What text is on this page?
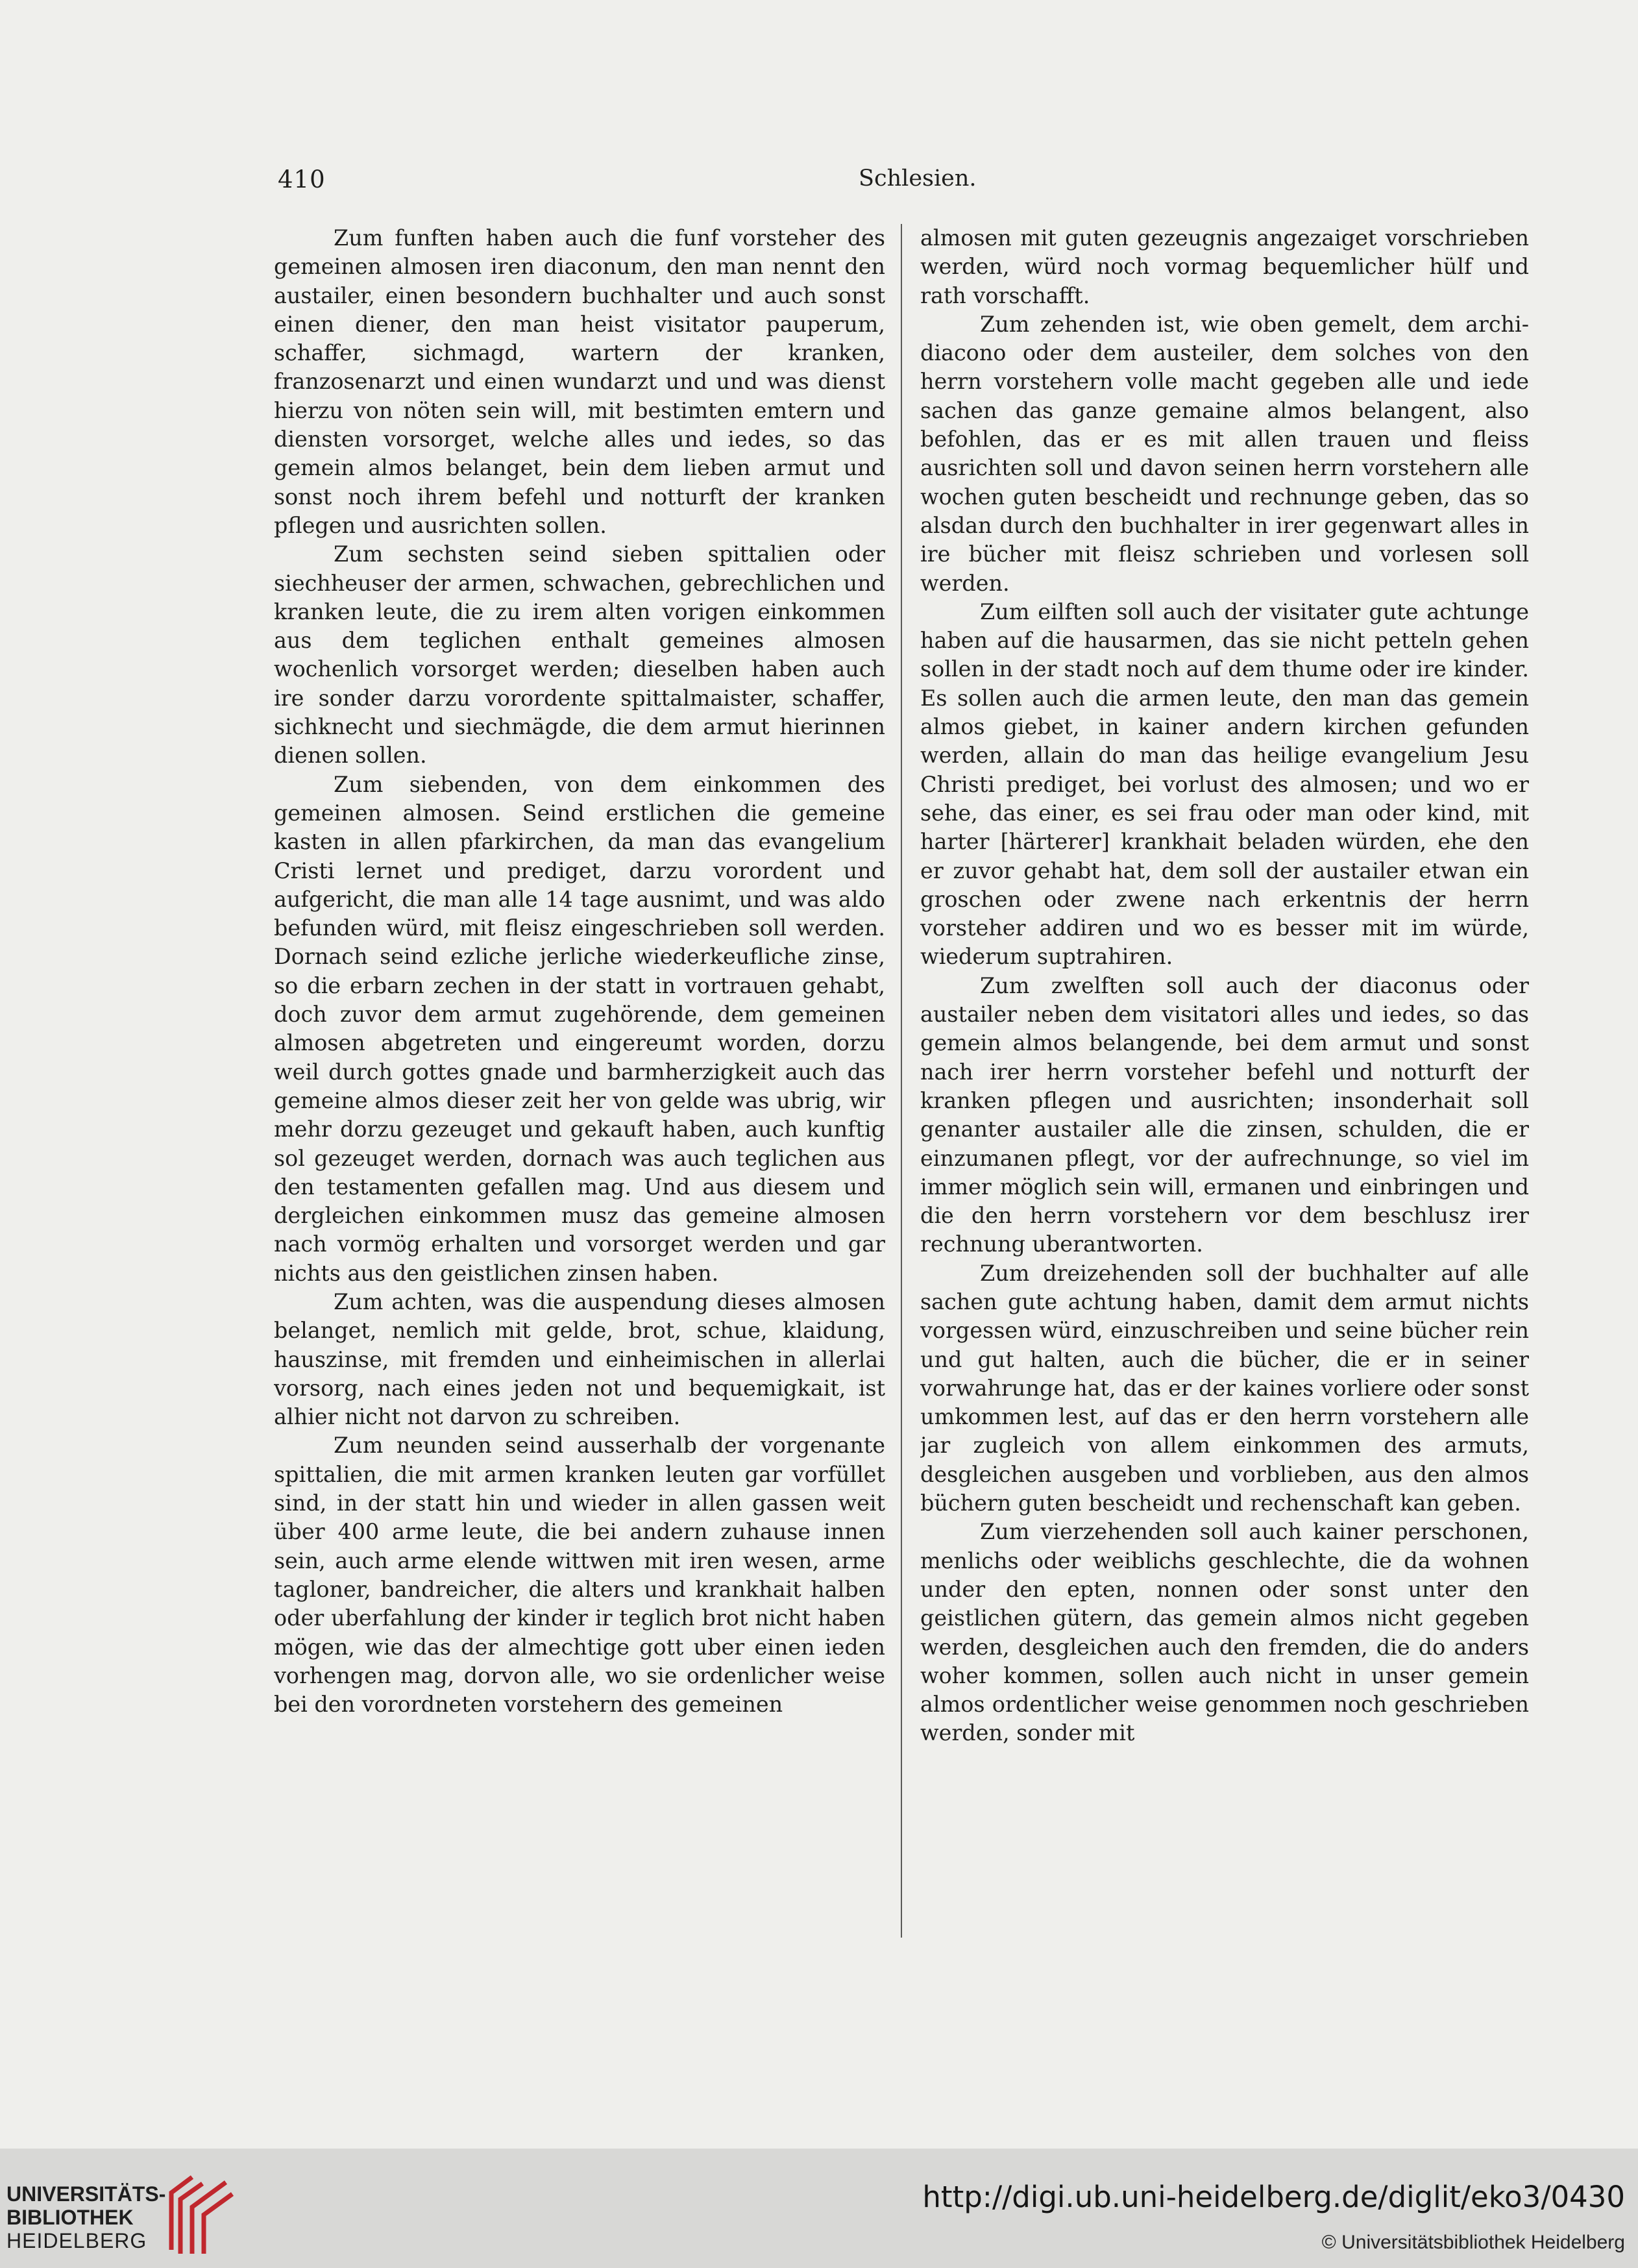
410	Schlesien.

Zum funften haben auch die funf vorsteher des gemeinen almosen iren diaconum, den man nennt den austailer, einen besondern buchhalter und auch sonst einen diener, den man heist visitator pauperum, schaffer, sichmagd, wartern der kranken, franzosenarzt und einen wundarzt und und was dienst hierzu von nöten sein will, mit bestimten emtern und diensten vorsorget, welche alles und iedes, so das gemein almos belanget, bein dem lieben armut und sonst noch ihrem befehl und notturft der kranken pflegen und ausrichten sollen.

Zum sechsten seind sieben spittalien oder siechheuser der armen, schwachen, gebrechlichen und kranken leute, die zu irem alten vorigen einkommen aus dem teglichen enthalt gemeines almosen wochenlich vorsorget werden; dieselben haben auch ire sonder darzu vorordente spittalmaister, schaffer, sichknecht und siechmägde, die dem armut hierinnen dienen sollen.

Zum siebenden, von dem einkommen des gemeinen almosen. Seind erstlichen die gemeine kasten in allen pfarkirchen, da man das evangelium Cristi lernet und prediget, darzu vorordent und aufgericht, die man alle 14 tage ausnimt, und was aldo befunden würd, mit fleisz eingeschrieben soll werden. Dornach seind ezliche jerliche wiederkeufliche zinse, so die erbarn zechen in der statt in vortrauen gehabt, doch zuvor dem armut zugehörende, dem gemeinen almosen abgetreten und eingereumt worden, dorzu weil durch gottes gnade und barmherzigkeit auch das gemeine almos dieser zeit her von gelde was ubrig, wir mehr dorzu gezeuget und gekauft haben, auch kunftig sol gezeuget werden, dornach was auch teglichen aus den testamenten gefallen mag. Und aus diesem und dergleichen einkommen musz das gemeine almosen nach vormög erhalten und vorsorget werden und gar nichts aus den geistlichen zinsen haben.

Zum achten, was die auspendung dieses almosen belanget, nemlich mit gelde, brot, schue, klaidung, hauszinse, mit fremden und einheimischen in allerlai vorsorg, nach eines jeden not und bequemigkait, ist alhier nicht not darvon zu schreiben.

Zum neunden seind ausserhalb der vorgenante spittalien, die mit armen kranken leuten gar vorfüllet sind, in der statt hin und wieder in allen gassen weit über 400 arme leute, die bei andern zuhause innen sein, auch arme elende wittwen mit iren wesen, arme tagloner, bandreicher, die alters und krankhait halben oder uberfahlung der kinder ir teglich brot nicht haben mögen, wie das der almechtige gott uber einen ieden vorhengen mag, dorvon alle, wo sie ordenlicher weise bei den vorordneten vorstehern des gemeinen

almosen mit guten gezeugnis angezaiget vorschrieben werden, würd noch vormag bequemlicher hülf und rath vorschafft.

Zum zehenden ist, wie oben gemelt, dem archidiacono oder dem austeiler, dem solches von den herrn vorstehern volle macht gegeben alle und iede sachen das ganze gemaine almos belangent, also befohlen, das er es mit allen trauen und fleiss ausrichten soll und davon seinen herrn vorstehern alle wochen guten bescheidt und rechnunge geben, das so alsdan durch den buchhalter in irer gegenwart alles in ire bücher mit fleisz schrieben und vorlesen soll werden.

Zum eilften soll auch der visitater gute achtunge haben auf die hausarmen, das sie nicht petteln gehen sollen in der stadt noch auf dem thume oder ire kinder. Es sollen auch die armen leute, den man das gemein almos giebet, in kainer andern kirchen gefunden werden, allain do man das heilige evangelium Jesu Christi prediget, bei vorlust des almosen; und wo er sehe, das einer, es sei frau oder man oder kind, mit harter [härterer] krankhait beladen würden, ehe den er zuvor gehabt hat, dem soll der austailer etwan ein groschen oder zwene nach erkentnis der herrn vorsteher addiren und wo es besser mit im würde, wiederum suptrahiren.

Zum zwelften soll auch der diaconus oder austailer neben dem visitatori alles und iedes, so das gemein almos belangende, bei dem armut und sonst nach irer herrn vorsteher befehl und notturft der kranken pflegen und ausrichten; insonderhait soll genanter austailer alle die zinsen, schulden, die er einzumanen pflegt, vor der aufrechnunge, so viel im immer möglich sein will, ermanen und einbringen und die den herrn vorstehern vor dem beschlusz irer rechnung uberantworten.

Zum dreizehenden soll der buchhalter auf alle sachen gute achtung haben, damit dem armut nichts vorgessen würd, einzuschreiben und seine bücher rein und gut halten, auch die bücher, die er in seiner vorwahrunge hat, das er der kaines vorliere oder sonst umkommen lest, auf das er den herrn vorstehern alle jar zugleich von allem einkommen des armuts, desgleichen ausgeben und vorblieben, aus den almos büchern guten bescheidt und rechenschaft kan geben.

Zum vierzehenden soll auch kainer perschonen, menlichs oder weiblichs geschlechte, die da wohnen under den epten, nonnen oder sonst unter den geistlichen gütern, das gemein almos nicht gegeben werden, desgleichen auch den fremden, die do anders woher kommen, sollen auch nicht in unser gemein almos ordentlicher weise genommen noch geschrieben werden, sonder mit

UNIVERSITÄTS-
BIBLIOTHEK
HEIDELBERG
http://digi.ub.uni-heidelberg.de/diglit/eko3/0430
© Universitätsbibliothek Heidelberg
